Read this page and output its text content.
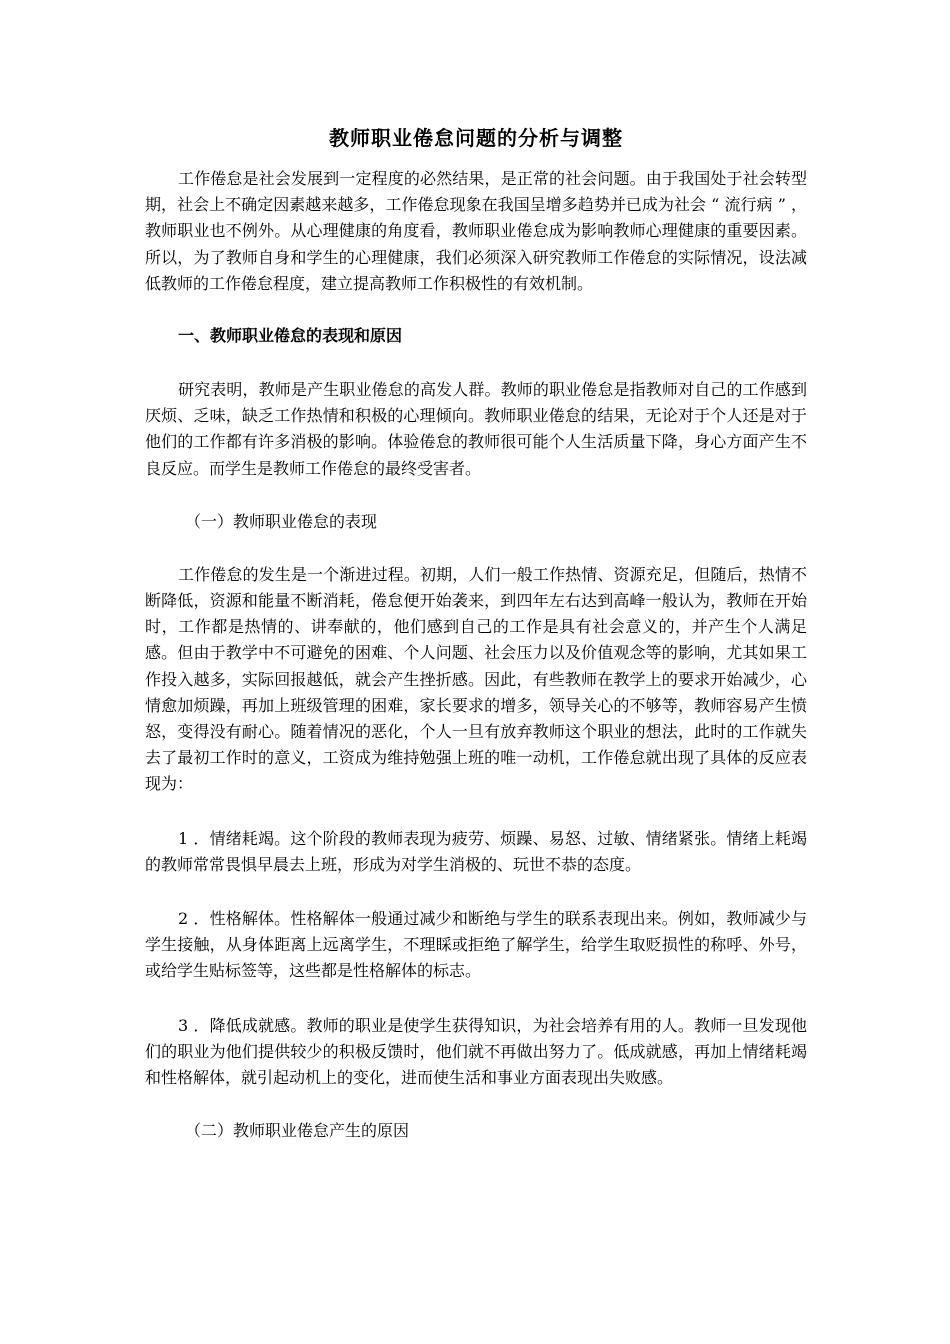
教师职业倦怠问题的分析与调整

工作倦怠是社会发展到一定程度的必然结果，是正常的社会问题。由于我国处于社会转型期，社会上不确定因素越来越多，工作倦怠现象在我国呈增多趋势并已成为社会 “ 流行病 ” ，教师职业也不例外。从心理健康的角度看，教师职业倦怠成为影响教师心理健康的重要因素。所以，为了教师自身和学生的心理健康，我们必须深入研究教师工作倦怠的实际情况，设法减低教师的工作倦怠程度，建立提高教师工作积极性的有效机制。

一、教师职业倦怠的表现和原因

研究表明，教师是产生职业倦怠的高发人群。教师的职业倦怠是指教师对自己的工作感到厌烦、乏味，缺乏工作热情和积极的心理倾向。教师职业倦怠的结果，无论对于个人还是对于他们的工作都有许多消极的影响。体验倦怠的教师很可能个人生活质量下降，身心方面产生不良反应。而学生是教师工作倦怠的最终受害者。

（一）教师职业倦怠的表现

工作倦怠的发生是一个渐进过程。初期，人们一般工作热情、资源充足，但随后，热情不断降低，资源和能量不断消耗，倦怠便开始袭来，到四年左右达到高峰一般认为，教师在开始时，工作都是热情的、讲奉献的，他们感到自己的工作是具有社会意义的，并产生个人满足感。但由于教学中不可避免的困难、个人问题、社会压力以及价值观念等的影响，尤其如果工作投入越多，实际回报越低，就会产生挫折感。因此，有些教师在教学上的要求开始减少，心情愈加烦躁，再加上班级管理的困难，家长要求的增多，领导关心的不够等，教师容易产生愤怒，变得没有耐心。随着情况的恶化，个人一旦有放弃教师这个职业的想法，此时的工作就失去了最初工作时的意义，工资成为维持勉强上班的唯一动机，工作倦怠就出现了具体的反应表现为：

1 ．情绪耗竭。这个阶段的教师表现为疲劳、烦躁、易怒、过敏、情绪紧张。情绪上耗竭的教师常常畏惧早晨去上班，形成为对学生消极的、玩世不恭的态度。

2 ．性格解体。性格解体一般通过减少和断绝与学生的联系表现出来。例如，教师减少与学生接触，从身体距离上远离学生，不理睬或拒绝了解学生，给学生取贬损性的称呼、外号，或给学生贴标签等，这些都是性格解体的标志。

3 ．降低成就感。教师的职业是使学生获得知识，为社会培养有用的人。教师一旦发现他们的职业为他们提供较少的积极反馈时，他们就不再做出努力了。低成就感，再加上情绪耗竭和性格解体，就引起动机上的变化，进而使生活和事业方面表现出失败感。

（二）教师职业倦怠产生的原因
